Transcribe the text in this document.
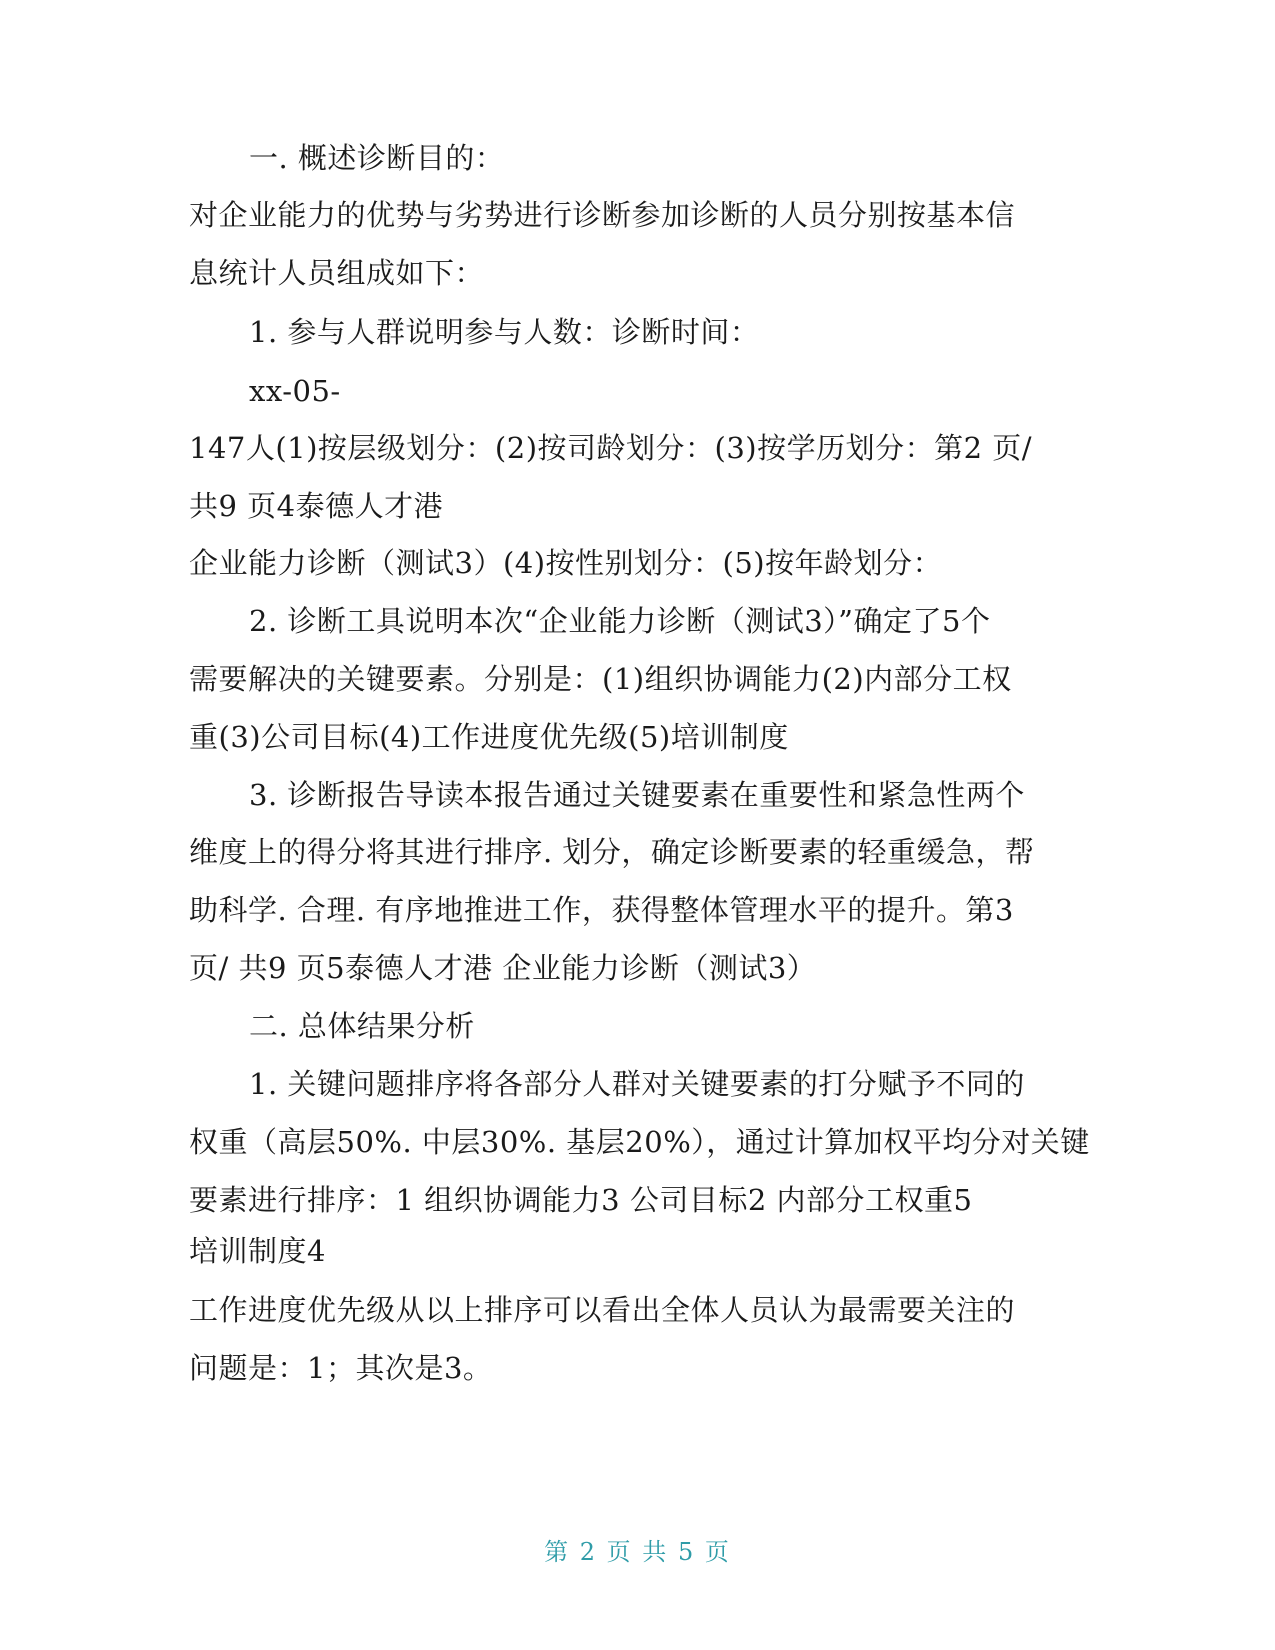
一. 概述诊断目的：
对企业能力的优势与劣势进行诊断参加诊断的人员分别按基本信
息统计人员组成如下：
1. 参与人群说明参与人数：诊断时间：
xx-05-
147人(1)按层级划分：(2)按司龄划分：(3)按学历划分：第2 页/
共9 页4泰德人才港
企业能力诊断（测试3）(4)按性别划分：(5)按年龄划分：
2. 诊断工具说明本次“企业能力诊断（测试3）”确定了5个
需要解决的关键要素。分别是：(1)组织协调能力(2)内部分工权
重(3)公司目标(4)工作进度优先级(5)培训制度
3. 诊断报告导读本报告通过关键要素在重要性和紧急性两个
维度上的得分将其进行排序. 划分，确定诊断要素的轻重缓急，帮
助科学. 合理. 有序地推进工作，获得整体管理水平的提升。第3
页/ 共9 页5泰德人才港 企业能力诊断（测试3）
二. 总体结果分析
1. 关键问题排序将各部分人群对关键要素的打分赋予不同的
权重（高层50%. 中层30%. 基层20%），通过计算加权平均分对关键
要素进行排序：1 组织协调能力3 公司目标2 内部分工权重5
培训制度4
工作进度优先级从以上排序可以看出全体人员认为最需要关注的
问题是：1；其次是3。
第 2 页 共 5 页
